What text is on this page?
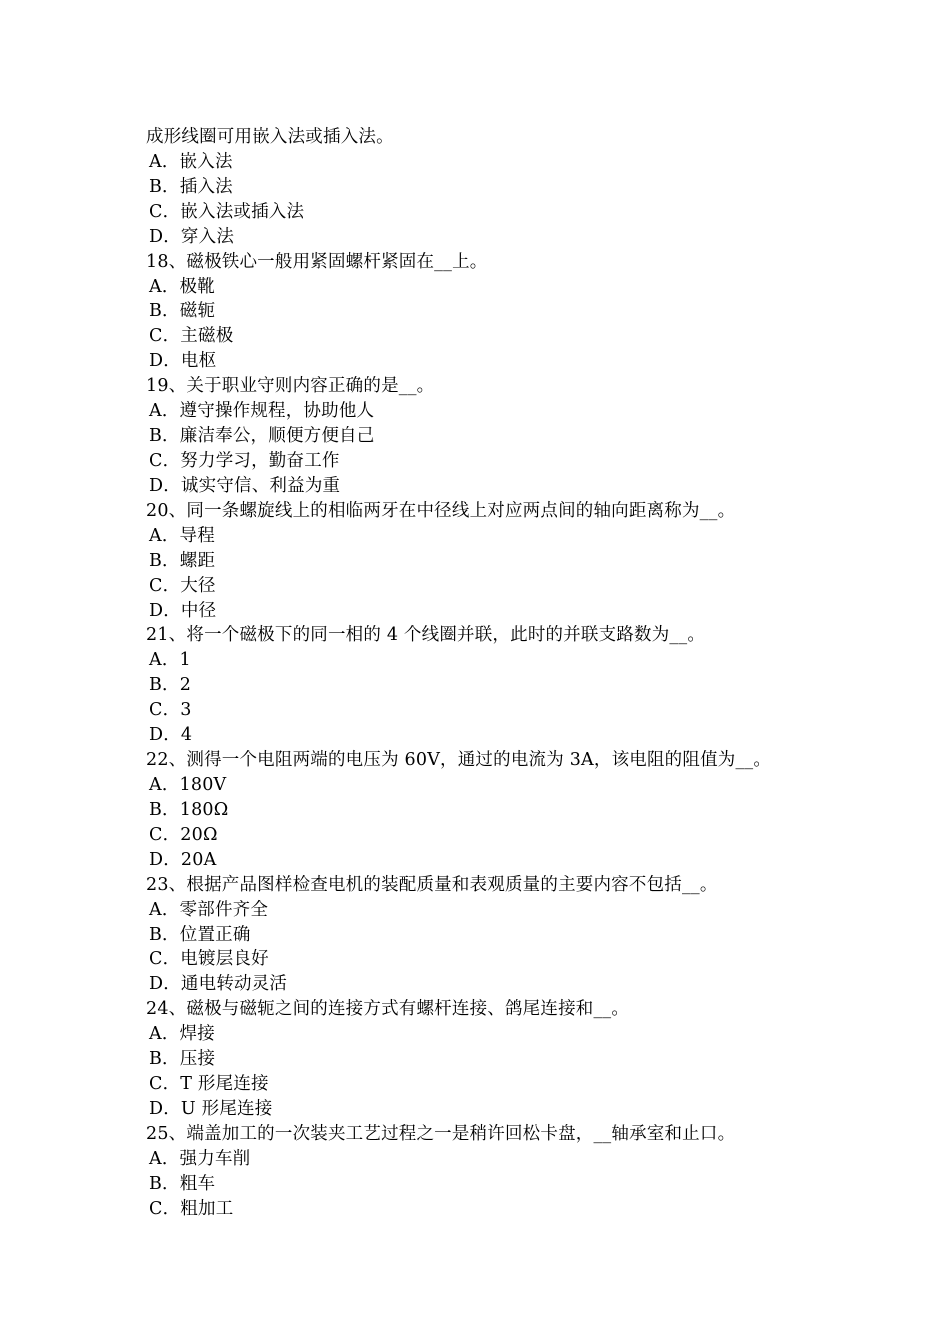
成形线圈可用嵌入法或插入法。
A．嵌入法
B．插入法
C．嵌入法或插入法
D．穿入法
18、磁极铁心一般用紧固螺杆紧固在__上。
A．极靴
B．磁轭
C．主磁极
D．电枢
19、关于职业守则内容正确的是__。
A．遵守操作规程，协助他人
B．廉洁奉公，顺便方便自己
C．努力学习，勤奋工作
D．诚实守信、利益为重
20、同一条螺旋线上的相临两牙在中径线上对应两点间的轴向距离称为__。
A．导程
B．螺距
C．大径
D．中径
21、将一个磁极下的同一相的 4 个线圈并联，此时的并联支路数为__。
A．1
B．2
C．3
D．4
22、测得一个电阻两端的电压为 60V，通过的电流为 3A，该电阻的阻值为__。
A．180V
B．180Ω
C．20Ω
D．20A
23、根据产品图样检查电机的装配质量和表观质量的主要内容不包括__。
A．零部件齐全
B．位置正确
C．电镀层良好
D．通电转动灵活
24、磁极与磁轭之间的连接方式有螺杆连接、鸽尾连接和__。
A．焊接
B．压接
C．T 形尾连接
D．U 形尾连接
25、端盖加工的一次装夹工艺过程之一是稍许回松卡盘，__轴承室和止口。
A．强力车削
B．粗车
C．粗加工
